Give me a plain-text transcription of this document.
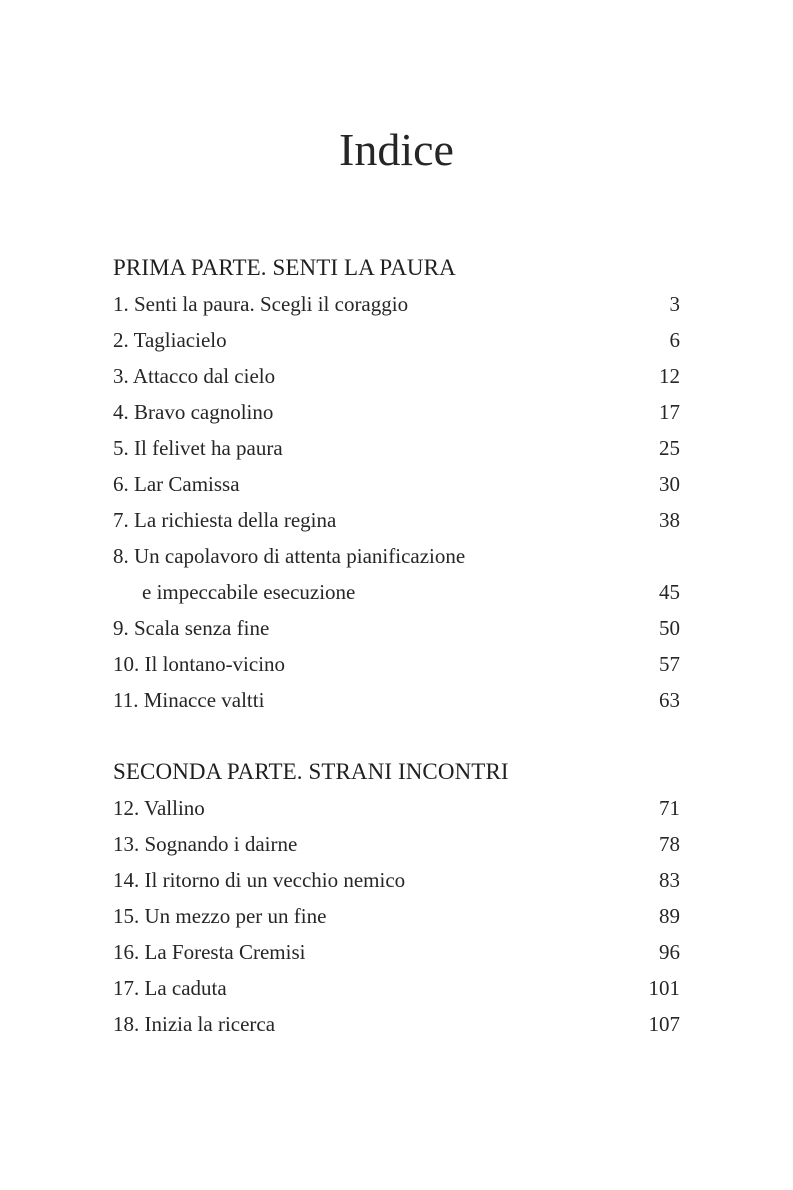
Indice
PRIMA PARTE. SENTI LA PAURA
1. Senti la paura. Scegli il coraggio	3
2. Tagliacielo	6
3. Attacco dal cielo	12
4. Bravo cagnolino	17
5. Il felivet ha paura	25
6. Lar Camissa	30
7. La richiesta della regina	38
8. Un capolavoro di attenta pianificazione
e impeccabile esecuzione	45
9. Scala senza fine	50
10. Il lontano-vicino	57
11. Minacce valtti	63
SECONDA PARTE. STRANI INCONTRI
12. Vallino	71
13. Sognando i dairne	78
14. Il ritorno di un vecchio nemico	83
15. Un mezzo per un fine	89
16. La Foresta Cremisi	96
17. La caduta	101
18. Inizia la ricerca	107
